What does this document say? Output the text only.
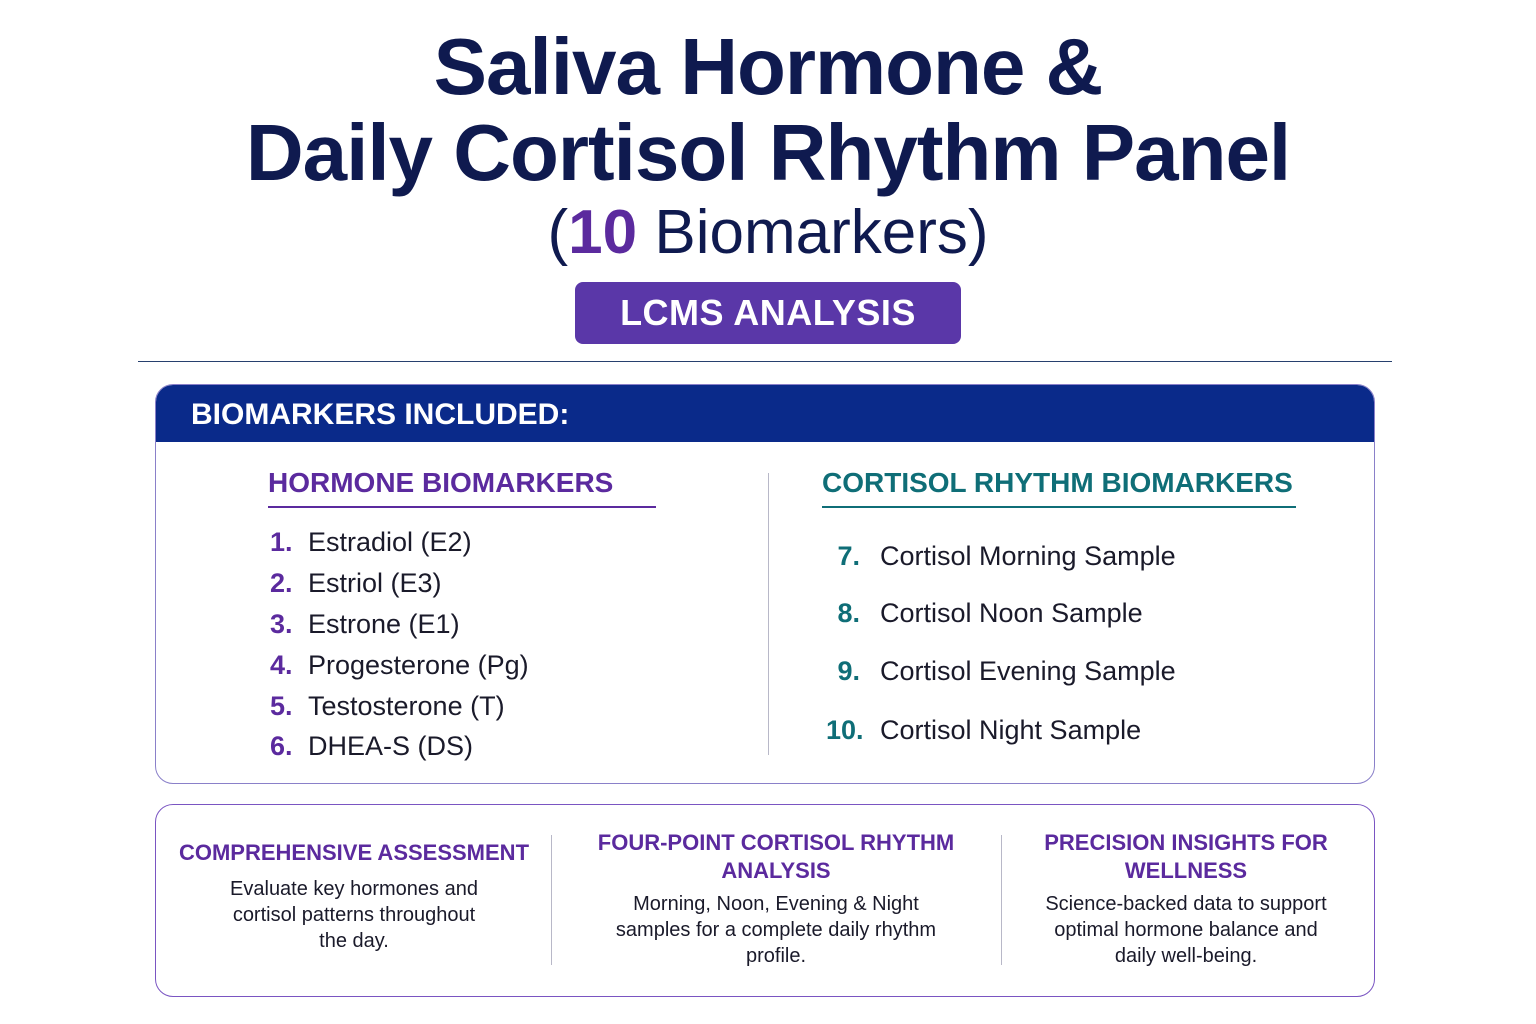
Saliva Hormone &
Daily Cortisol Rhythm Panel
(10 Biomarkers)
LCMS ANALYSIS
BIOMARKERS INCLUDED:
HORMONE BIOMARKERS	CORTISOL RHYTHM BIOMARKERS
1. Estradiol (E2)
2. Estriol (E3)
3. Estrone (E1)
4. Progesterone (Pg)
5. Testosterone (T)
6. DHEA-S (DS)
7. Cortisol Morning Sample
8. Cortisol Noon Sample
9. Cortisol Evening Sample
10. Cortisol Night Sample
COMPREHENSIVE ASSESSMENT
Evaluate key hormones and
cortisol patterns throughout
the day.
FOUR-POINT CORTISOL RHYTHM
ANALYSIS
Morning, Noon, Evening & Night
samples for a complete daily rhythm
profile.
PRECISION INSIGHTS FOR
WELLNESS
Science-backed data to support
optimal hormone balance and
daily well-being.
